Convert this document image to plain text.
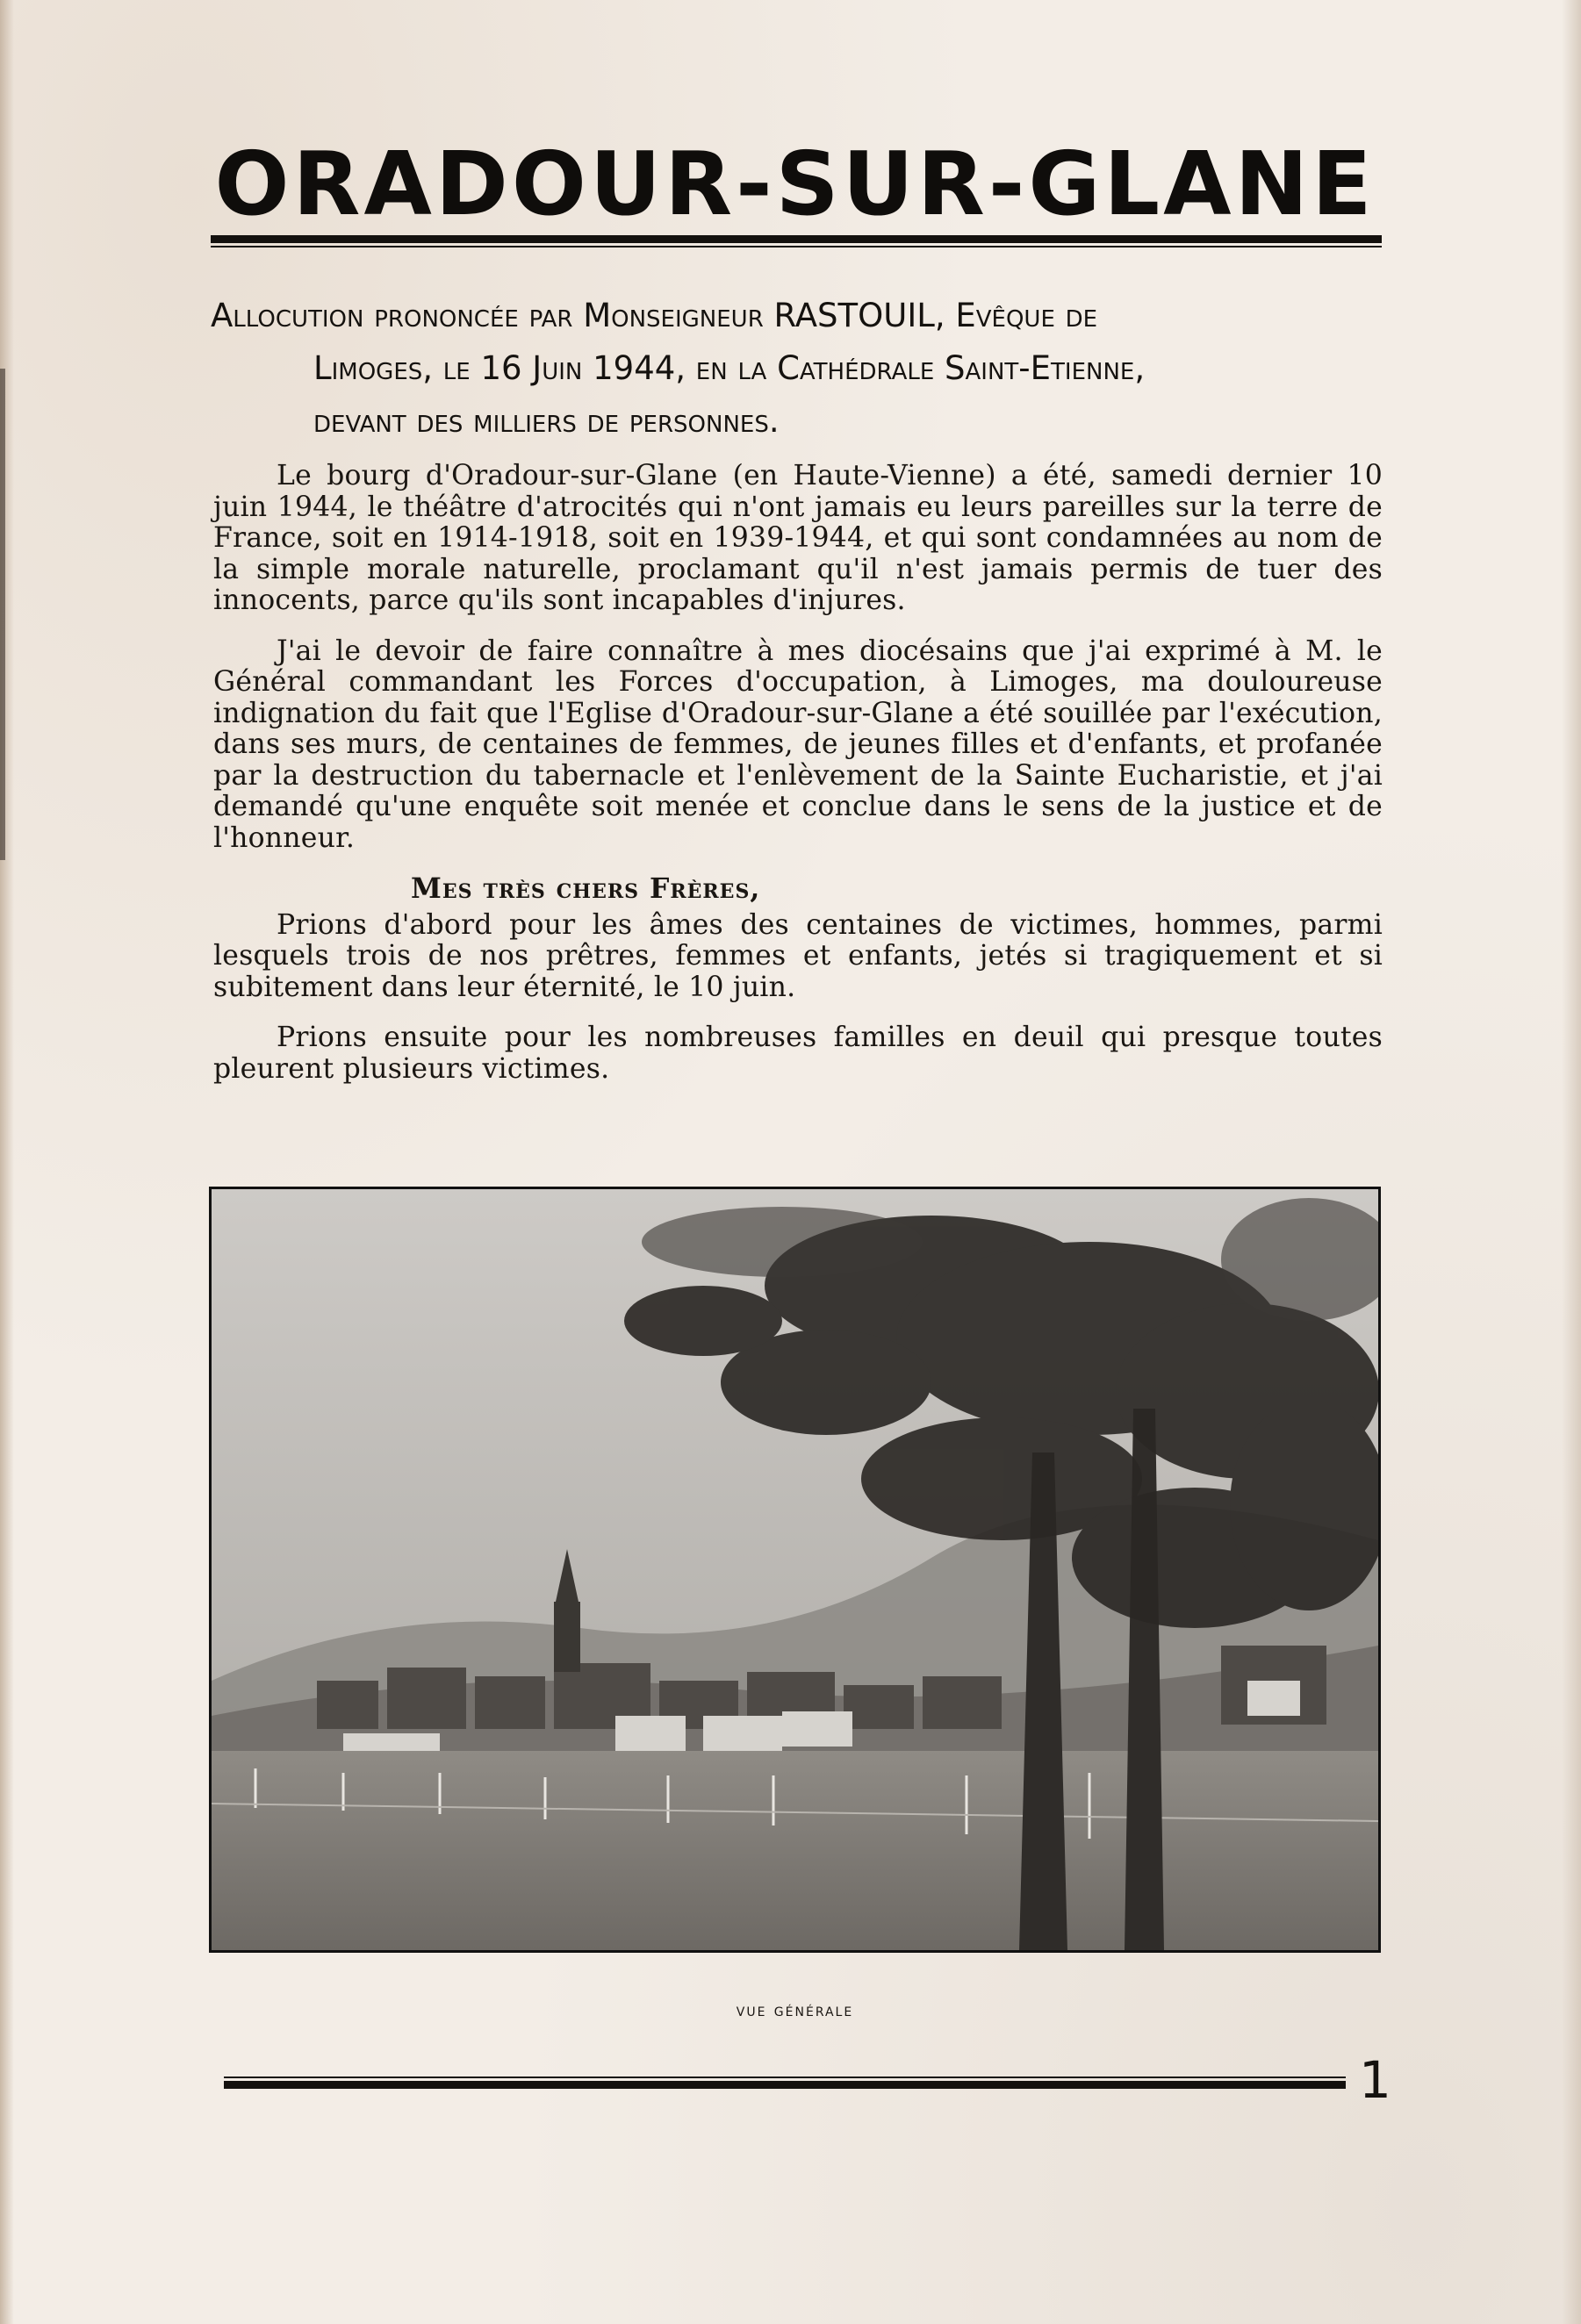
ORADOUR-SUR-GLANE
Allocution prononcée par Monseigneur RASTOUIL, Evêque de
Limoges, le 16 Juin 1944, en la Cathédrale Saint-Etienne,
devant des milliers de personnes.

Le bourg d'Oradour-sur-Glane (en Haute-Vienne) a été, samedi dernier 10 juin 1944, le théâtre d'atrocités qui n'ont jamais eu leurs pareilles sur la terre de France, soit en 1914-1918, soit en 1939-1944, et qui sont condamnées au nom de la simple morale naturelle, proclamant qu'il n'est jamais permis de tuer des innocents, parce qu'ils sont incapables d'injures.

J'ai le devoir de faire connaître à mes diocésains que j'ai exprimé à M. le Général commandant les Forces d'occupation, à Limoges, ma douloureuse indignation du fait que l'Eglise d'Oradour-sur-Glane a été souillée par l'exécution, dans ses murs, de centaines de femmes, de jeunes filles et d'enfants, et profanée par la destruction du tabernacle et l'enlèvement de la Sainte Eucharistie, et j'ai demandé qu'une enquête soit menée et conclue dans le sens de la justice et de l'honneur.

Mes très chers Frères,

Prions d'abord pour les âmes des centaines de victimes, hommes, parmi lesquels trois de nos prêtres, femmes et enfants, jetés si tragiquement et si subitement dans leur éternité, le 10 juin.

Prions ensuite pour les nombreuses familles en deuil qui presque toutes pleurent plusieurs victimes.

vue générale
1
